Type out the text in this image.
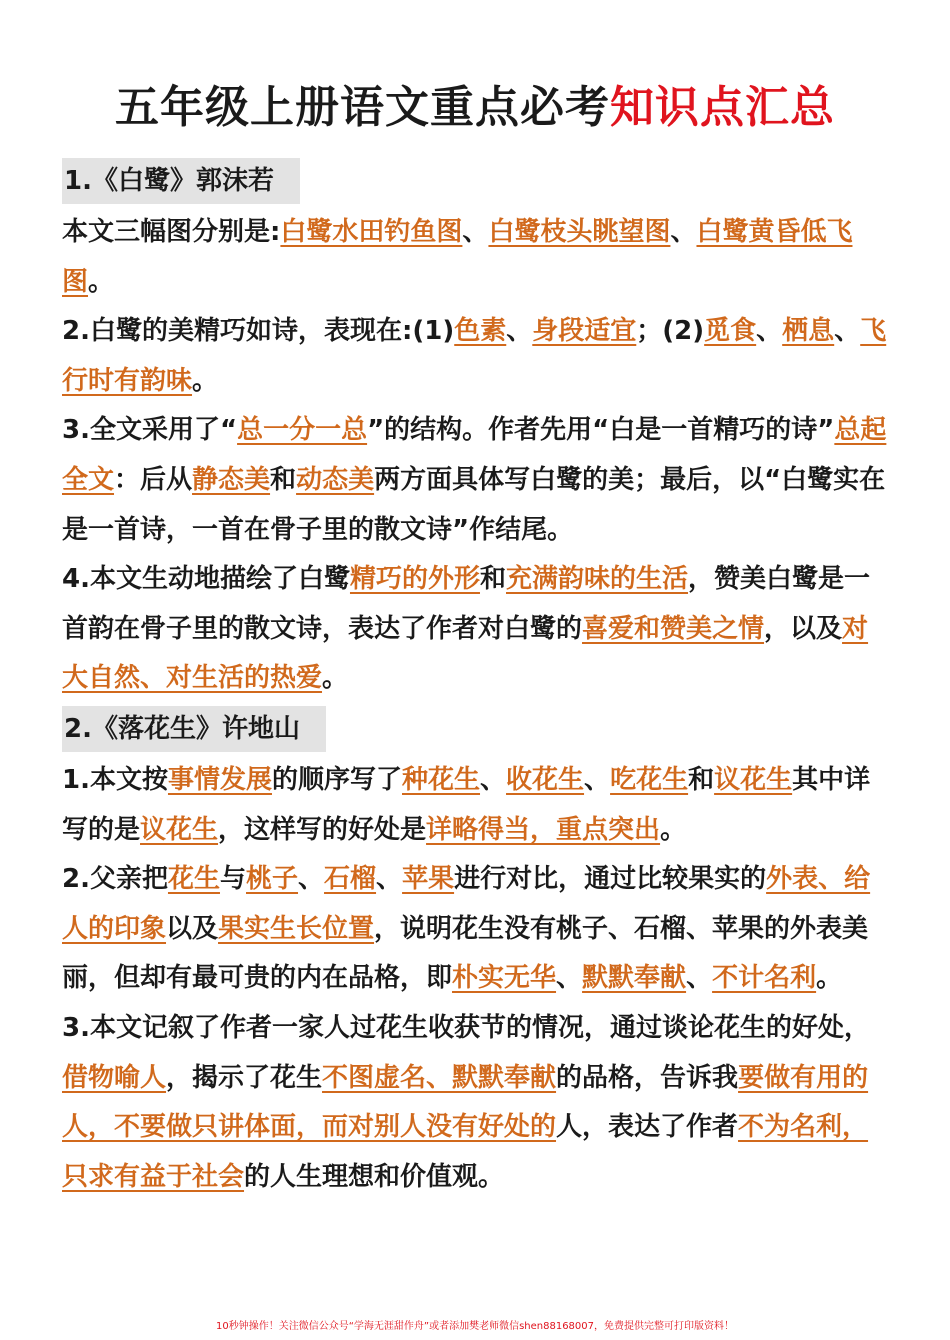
五年级上册语文重点必考知识点汇总
1.《白鹭》郭沫若

本文三幅图分别是:白鹭水田钓鱼图、白鹭枝头眺望图、白鹭黄昏低飞图。

2.白鹭的美精巧如诗，表现在:(1)色素、身段适宜；(2)觅食、栖息、飞行时有韵味。

3.全文采用了“总一分一总”的结构。作者先用“白是一首精巧的诗”总起全文：后从静态美和动态美两方面具体写白鹭的美；最后，以“白鹭实在是一首诗，一首在骨子里的散文诗”作结尾。

4.本文生动地描绘了白鹭精巧的外形和充满韵味的生活，赞美白鹭是一首韵在骨子里的散文诗，表达了作者对白鹭的喜爱和赞美之情，以及对大自然、对生活的热爱。

2.《落花生》许地山

1.本文按事情发展的顺序写了种花生、收花生、吃花生和议花生其中详写的是议花生，这样写的好处是详略得当，重点突出。

2.父亲把花生与桃子、石榴、苹果进行对比，通过比较果实的外表、给人的印象以及果实生长位置，说明花生没有桃子、石榴、苹果的外表美丽，但却有最可贵的内在品格，即朴实无华、默默奉献、不计名利。

3.本文记叙了作者一家人过花生收获节的情况，通过谈论花生的好处，借物喻人，揭示了花生不图虚名、默默奉献的品格，告诉我要做有用的人，不要做只讲体面，而对别人没有好处的人，表达了作者不为名利，只求有益于社会的人生理想和价值观。

10秒钟操作！关注微信公众号“学海无涯甜作舟”或者添加樊老师微信shen88168007，免费提供完整可打印版资料！
